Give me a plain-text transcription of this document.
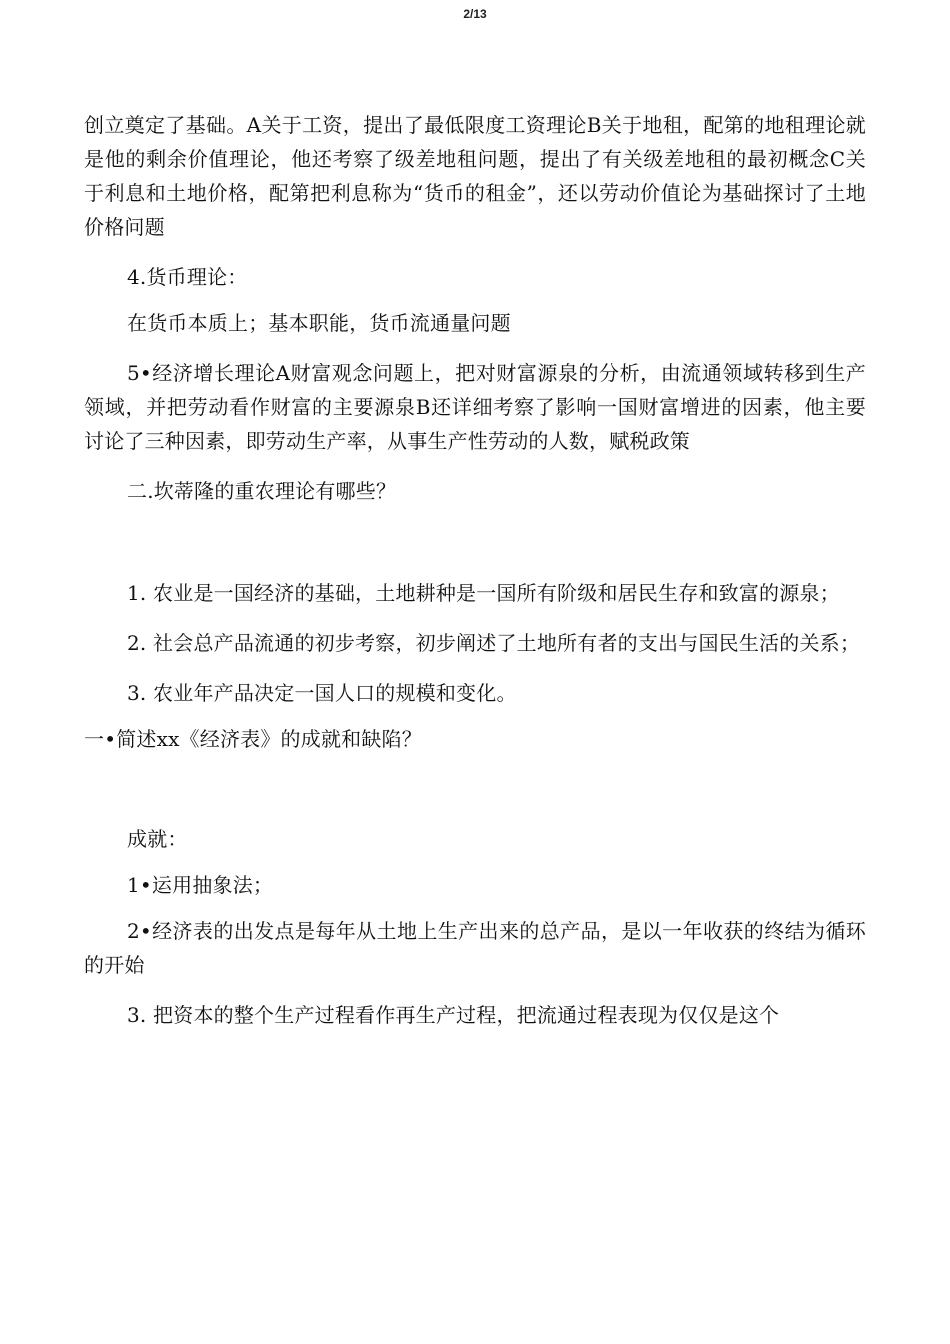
2/13

创立奠定了基础。A关于工资，提出了最低限度工资理论B关于地租，配第的地租理论就是他的剩余价值理论，他还考察了级差地租问题，提出了有关级差地租的最初概念C关于利息和土地价格，配第把利息称为“货币的租金”，还以劳动价值论为基础探讨了土地价格问题

4.货币理论：

在货币本质上；基本职能，货币流通量问题

5•经济增长理论A财富观念问题上，把对财富源泉的分析，由流通领域转移到生产领域，并把劳动看作财富的主要源泉B还详细考察了影响一国财富增进的因素，他主要讨论了三种因素，即劳动生产率，从事生产性劳动的人数，赋税政策

二.坎蒂隆的重农理论有哪些？

1. 农业是一国经济的基础，土地耕种是一国所有阶级和居民生存和致富的源泉；

2. 社会总产品流通的初步考察，初步阐述了土地所有者的支出与国民生活的关系；

3. 农业年产品决定一国人口的规模和变化。

一•简述xx《经济表》的成就和缺陷？

成就：

1•运用抽象法；

2•经济表的出发点是每年从土地上生产出来的总产品，是以一年收获的终结为循环的开始

3. 把资本的整个生产过程看作再生产过程，把流通过程表现为仅仅是这个
